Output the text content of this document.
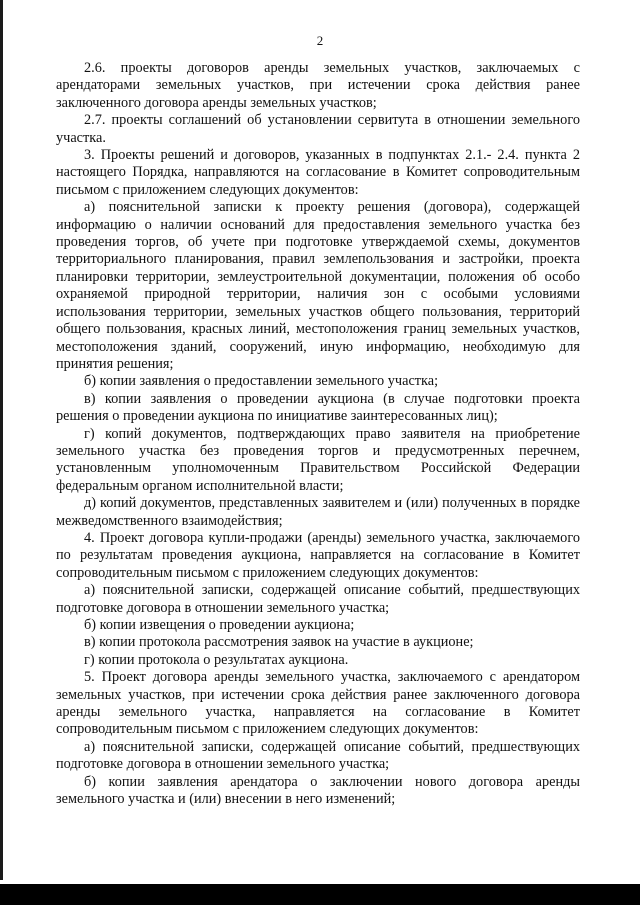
2

2.6. проекты договоров аренды земельных участков, заключаемых с арендаторами земельных участков, при истечении срока действия ранее заключенного договора аренды земельных участков;

2.7. проекты соглашений об установлении сервитута в отношении земельного участка.

3. Проекты решений и договоров, указанных в подпунктах 2.1.- 2.4. пункта 2 настоящего Порядка, направляются на согласование в Комитет сопроводительным письмом с приложением следующих документов:

а) пояснительной записки к проекту решения (договора), содержащей информацию о наличии оснований для предоставления земельного участка без проведения торгов, об учете при подготовке утверждаемой схемы, документов территориального планирования, правил землепользования и застройки, проекта планировки территории, землеустроительной документации, положения об особо охраняемой природной территории, наличия зон с особыми условиями использования территории, земельных участков общего пользования, территорий общего пользования, красных линий, местоположения границ земельных участков, местоположения зданий, сооружений, иную информацию, необходимую для принятия решения;

б) копии заявления о предоставлении земельного участка;

в) копии заявления о проведении аукциона (в случае подготовки проекта решения о проведении аукциона по инициативе заинтересованных лиц);

г) копий документов, подтверждающих право заявителя на приобретение земельного участка без проведения торгов и предусмотренных перечнем, установленным уполномоченным Правительством Российской Федерации федеральным органом исполнительной власти;

д) копий документов, представленных заявителем и (или) полученных в порядке межведомственного взаимодействия;

4. Проект договора купли-продажи (аренды) земельного участка, заключаемого по результатам проведения аукциона, направляется на согласование в Комитет сопроводительным письмом с приложением следующих документов:

а) пояснительной записки, содержащей описание событий, предшествующих подготовке договора в отношении земельного участка;

б) копии извещения о проведении аукциона;

в) копии протокола рассмотрения заявок на участие в аукционе;

г) копии протокола о результатах аукциона.

5. Проект договора аренды земельного участка, заключаемого с арендатором земельных участков, при истечении срока действия ранее заключенного договора аренды земельного участка, направляется на согласование в Комитет сопроводительным письмом с приложением следующих документов:

а) пояснительной записки, содержащей описание событий, предшествующих подготовке договора в отношении земельного участка;

б) копии заявления арендатора о заключении нового договора аренды земельного участка и (или) внесении в него изменений;
